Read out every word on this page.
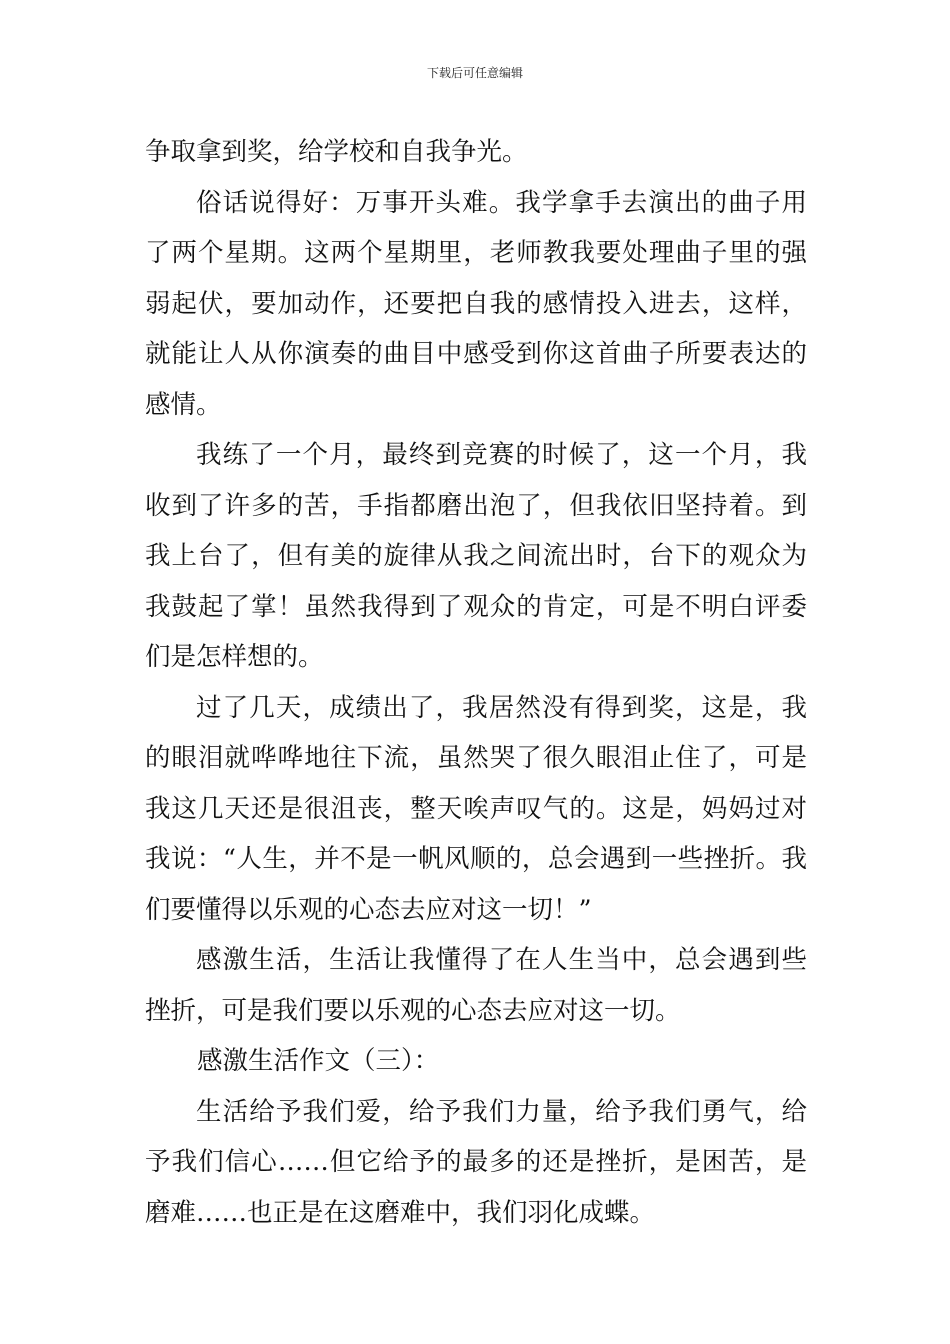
下载后可任意编辑

争取拿到奖，给学校和自我争光。

俗话说得好：万事开头难。我学拿手去演出的曲子用了两个星期。这两个星期里，老师教我要处理曲子里的强弱起伏，要加动作，还要把自我的感情投入进去，这样，就能让人从你演奏的曲目中感受到你这首曲子所要表达的感情。

我练了一个月，最终到竞赛的时候了，这一个月，我收到了许多的苦，手指都磨出泡了，但我依旧坚持着。到我上台了，但有美的旋律从我之间流出时，台下的观众为我鼓起了掌！虽然我得到了观众的肯定，可是不明白评委们是怎样想的。

过了几天，成绩出了，我居然没有得到奖，这是，我的眼泪就哗哗地往下流，虽然哭了很久眼泪止住了，可是我这几天还是很沮丧，整天唉声叹气的。这是，妈妈过对我说：“人生，并不是一帆风顺的，总会遇到一些挫折。我们要懂得以乐观的心态去应对这一切！”

感激生活，生活让我懂得了在人生当中，总会遇到些挫折，可是我们要以乐观的心态去应对这一切。

感激生活作文（三）：

生活给予我们爱，给予我们力量，给予我们勇气，给予我们信心……但它给予的最多的还是挫折，是困苦，是磨难……也正是在这磨难中，我们羽化成蝶。
